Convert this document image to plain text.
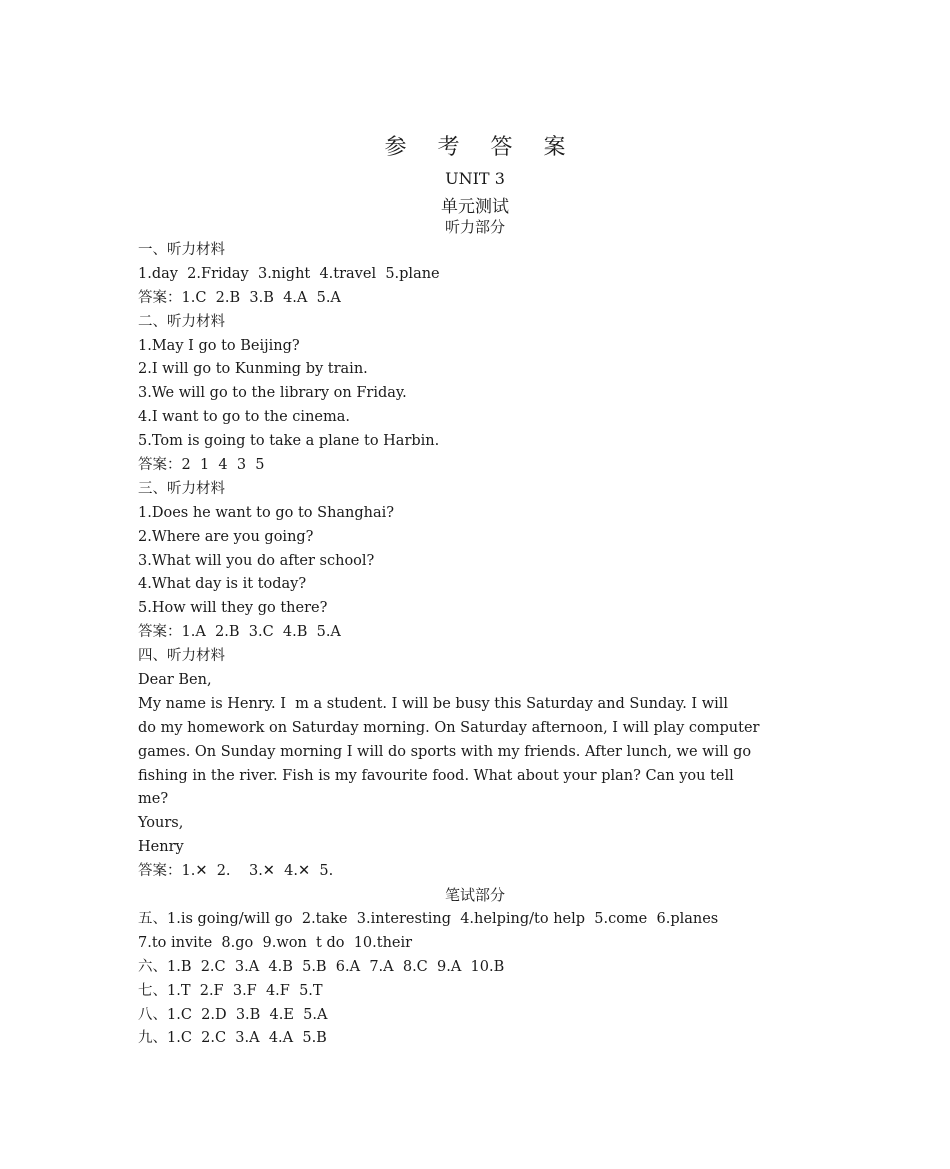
参 考 答 案
UNIT 3
单元测试
听力部分
一、听力材料
1.day  2.Friday  3.night  4.travel  5.plane
答案：1.C  2.B  3.B  4.A  5.A
二、听力材料
1.May I go to Beijing?
2.I will go to Kunming by train.
3.We will go to the library on Friday.
4.I want to go to the cinema.
5.Tom is going to take a plane to Harbin.
答案：2  1  4  3  5
三、听力材料
1.Does he want to go to Shanghai?
2.Where are you going?
3.What will you do after school?
4.What day is it today?
5.How will they go there?
答案：1.A  2.B  3.C  4.B  5.A
四、听力材料
Dear Ben,
My name is Henry. I  m a student. I will be busy this Saturday and Sunday. I will
do my homework on Saturday morning. On Saturday afternoon, I will play computer
games. On Sunday morning I will do sports with my friends. After lunch, we will go
fishing in the river. Fish is my favourite food. What about your plan? Can you tell
me?
Yours,
Henry
答案：1.✕  2.    3.✕  4.✕  5.
笔试部分
五、1.is going/will go  2.take  3.interesting  4.helping/to help  5.come  6.planes
7.to invite  8.go  9.won  t do  10.their
六、1.B  2.C  3.A  4.B  5.B  6.A  7.A  8.C  9.A  10.B
七、1.T  2.F  3.F  4.F  5.T
八、1.C  2.D  3.B  4.E  5.A
九、1.C  2.C  3.A  4.A  5.B
